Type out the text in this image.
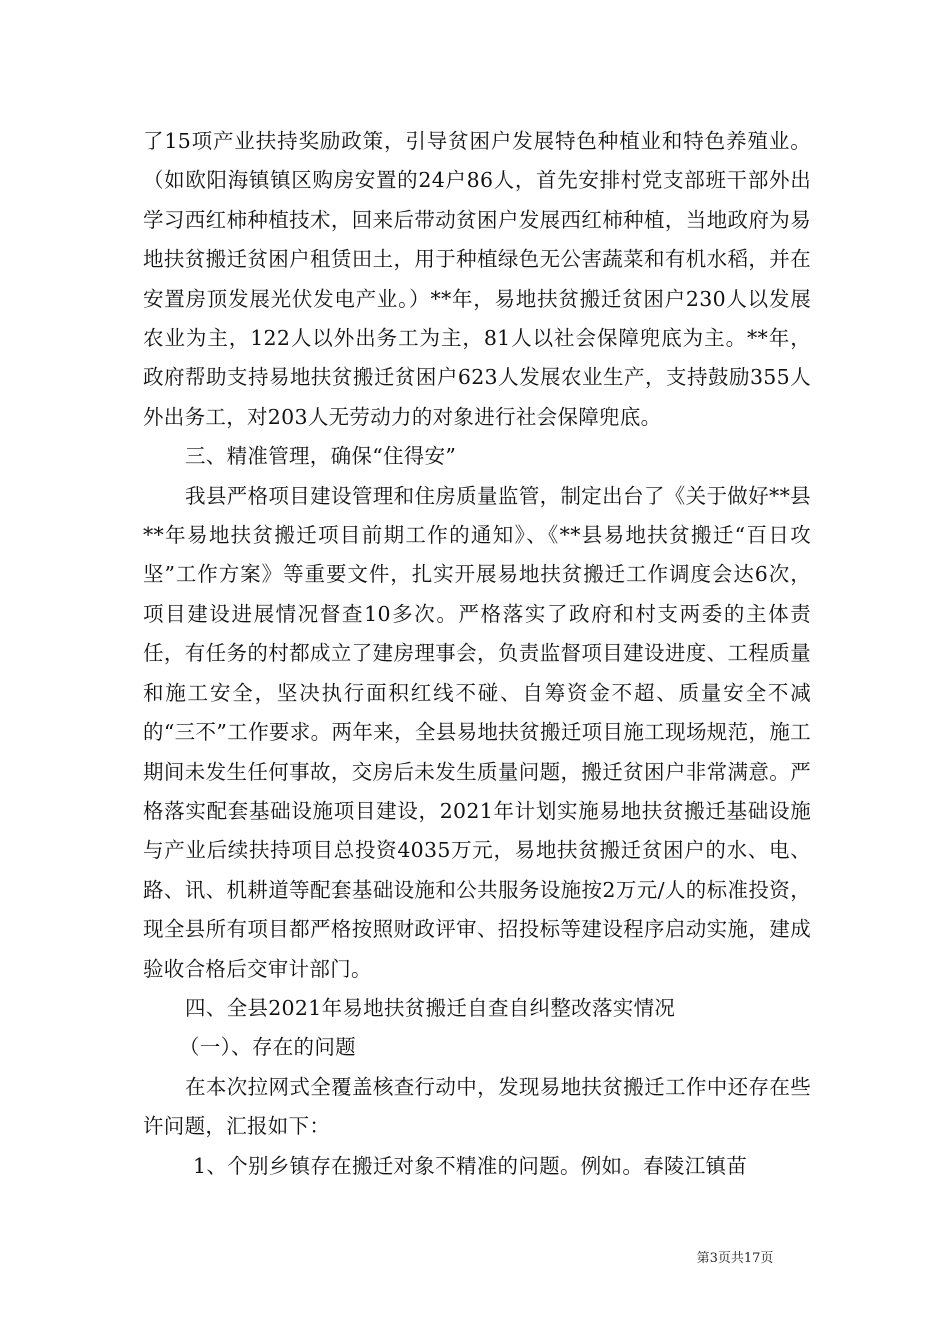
了15项产业扶持奖励政策，引导贫困户发展特色种植业和特色养殖业。（如欧阳海镇镇区购房安置的24户86人，首先安排村党支部班干部外出学习西红柿种植技术，回来后带动贫困户发展西红柿种植，当地政府为易地扶贫搬迁贫困户租赁田土，用于种植绿色无公害蔬菜和有机水稻，并在安置房顶发展光伏发电产业。）**年，易地扶贫搬迁贫困户230人以发展农业为主，122人以外出务工为主，81人以社会保障兜底为主。**年，政府帮助支持易地扶贫搬迁贫困户623人发展农业生产，支持鼓励355人外出务工，对203人无劳动力的对象进行社会保障兜底。

三、精准管理，确保“住得安”

我县严格项目建设管理和住房质量监管，制定出台了《关于做好**县**年易地扶贫搬迁项目前期工作的通知》、《**县易地扶贫搬迁“百日攻坚”工作方案》等重要文件，扎实开展易地扶贫搬迁工作调度会达6次，项目建设进展情况督查10多次。严格落实了政府和村支两委的主体责任，有任务的村都成立了建房理事会，负责监督项目建设进度、工程质量和施工安全，坚决执行面积红线不碰、自筹资金不超、质量安全不减的“三不”工作要求。两年来，全县易地扶贫搬迁项目施工现场规范，施工期间未发生任何事故，交房后未发生质量问题，搬迁贫困户非常满意。严格落实配套基础设施项目建设，2021年计划实施易地扶贫搬迁基础设施与产业后续扶持项目总投资4035万元，易地扶贫搬迁贫困户的水、电、路、讯、机耕道等配套基础设施和公共服务设施按2万元/人的标准投资，现全县所有项目都严格按照财政评审、招投标等建设程序启动实施，建成验收合格后交审计部门。

四、全县2021年易地扶贫搬迁自查自纠整改落实情况

（一）、存在的问题

在本次拉网式全覆盖核查行动中，发现易地扶贫搬迁工作中还存在些许问题，汇报如下：

1、个别乡镇存在搬迁对象不精准的问题。例如。春陵江镇苗

第3页共17页
